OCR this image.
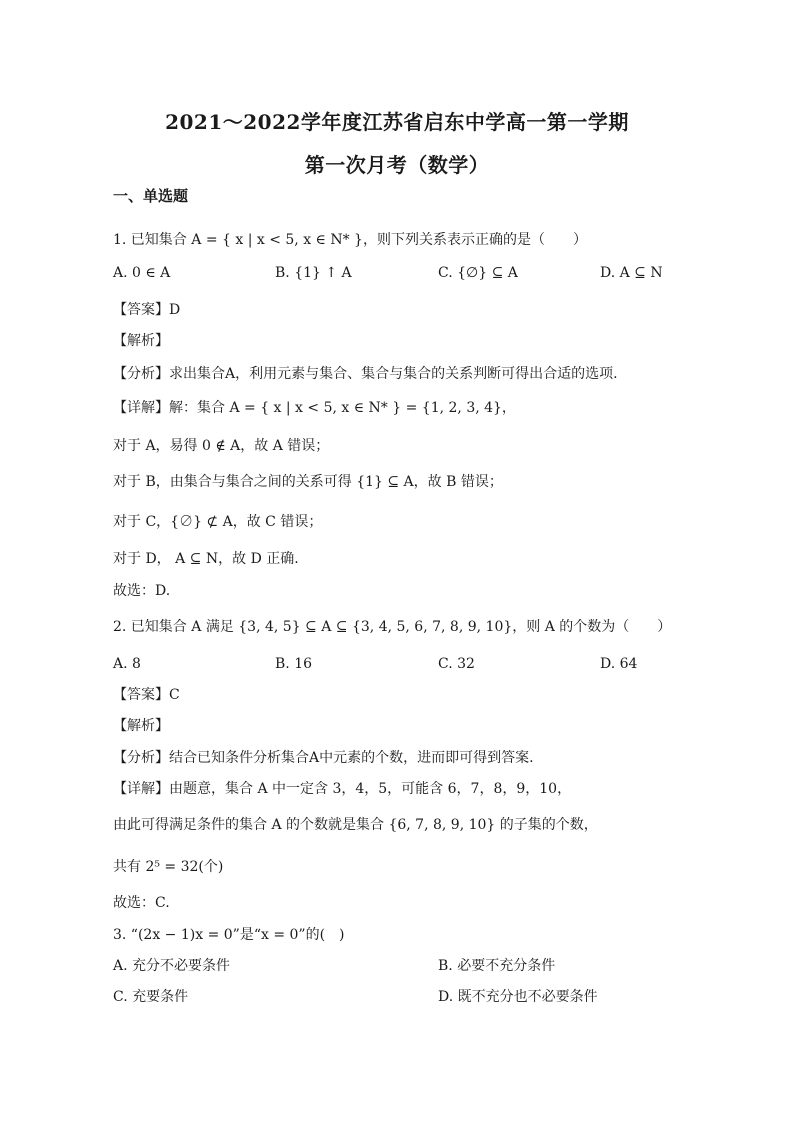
2021～2022学年度江苏省启东中学高一第一学期
第一次月考（数学）
一、单选题
1. 已知集合 A = { x | x < 5, x ∈ N* }，则下列关系表示正确的是（　　）
A. 0 ∈ A	B. {1} ↑ A	C. {∅} ⊆ A	D. A ⊆ N
【答案】D
【解析】
【分析】求出集合A，利用元素与集合、集合与集合的关系判断可得出合适的选项.
【详解】解：集合 A = { x | x < 5, x ∈ N* } = {1, 2, 3, 4}，
对于 A，易得 0 ∉ A，故 A 错误；
对于 B，由集合与集合之间的关系可得 {1} ⊆ A，故 B 错误；
对于 C，{∅} ⊄ A，故 C 错误；
对于 D， A ⊆ N，故 D 正确.
故选：D.
2. 已知集合 A 满足 {3, 4, 5} ⊆ A ⊆ {3, 4, 5, 6, 7, 8, 9, 10}，则 A 的个数为（　　）
A. 8	B. 16	C. 32	D. 64
【答案】C
【解析】
【分析】结合已知条件分析集合A中元素的个数，进而即可得到答案.
【详解】由题意，集合 A 中一定含 3，4，5，可能含 6，7，8，9，10，
由此可得满足条件的集合 A 的个数就是集合 {6, 7, 8, 9, 10} 的子集的个数，
共有 2⁵ = 32(个)
故选：C.
3. “(2x − 1)x = 0”是“x = 0”的(　)
A. 充分不必要条件	B. 必要不充分条件
C. 充要条件	D. 既不充分也不必要条件
